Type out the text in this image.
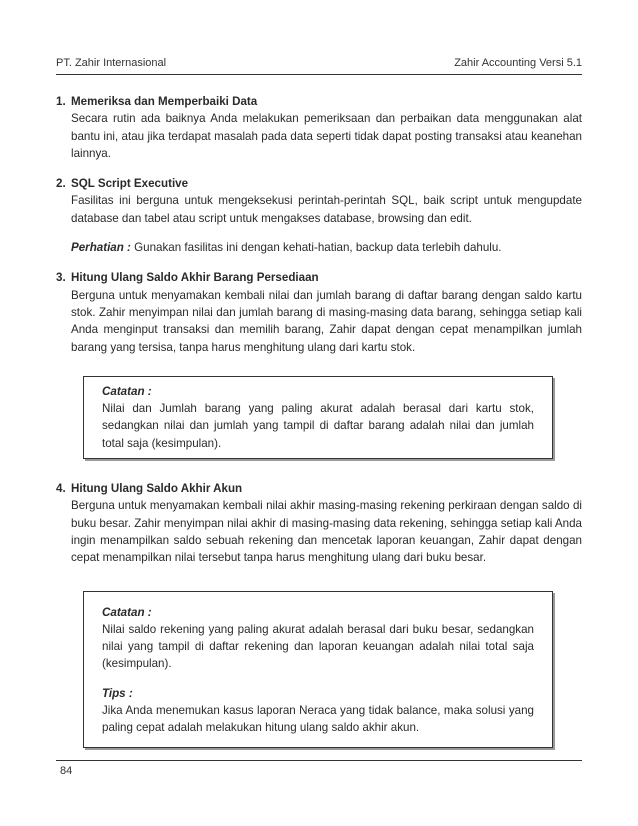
PT. Zahir Internasional	Zahir Accounting Versi 5.1
1. Memeriksa dan Memperbaiki Data
Secara rutin ada baiknya Anda melakukan pemeriksaan dan perbaikan data menggunakan alat bantu ini, atau jika terdapat masalah pada data seperti tidak dapat posting transaksi atau keanehan lainnya.
2. SQL Script Executive
Fasilitas ini berguna untuk mengeksekusi perintah-perintah SQL, baik script untuk mengupdate database dan tabel atau script untuk mengakses database, browsing dan edit.
Perhatian : Gunakan fasilitas ini dengan kehati-hatian, backup data terlebih dahulu.
3. Hitung Ulang Saldo Akhir Barang Persediaan
Berguna untuk menyamakan kembali nilai dan jumlah barang di daftar barang dengan saldo kartu stok. Zahir menyimpan nilai dan jumlah barang di masing-masing data barang, sehingga setiap kali Anda menginput transaksi dan memilih barang, Zahir dapat dengan cepat menampilkan jumlah barang yang tersisa, tanpa harus menghitung ulang dari kartu stok.
Catatan :
Nilai dan Jumlah barang yang paling akurat adalah berasal dari kartu stok, sedangkan nilai dan jumlah yang tampil di daftar barang adalah nilai dan jumlah total saja (kesimpulan).
4. Hitung Ulang Saldo Akhir Akun
Berguna untuk menyamakan kembali nilai akhir masing-masing rekening perkiraan dengan saldo di buku besar. Zahir menyimpan nilai akhir di masing-masing data rekening, sehingga setiap kali Anda ingin menampilkan saldo sebuah rekening dan mencetak laporan keuangan, Zahir dapat dengan cepat menampilkan nilai tersebut tanpa harus menghitung ulang dari buku besar.
Catatan :
Nilai saldo rekening yang paling akurat adalah berasal dari buku besar, sedangkan nilai yang tampil di daftar rekening dan laporan keuangan adalah nilai total saja (kesimpulan).
Tips :
Jika Anda menemukan kasus laporan Neraca yang tidak balance, maka solusi yang paling cepat adalah melakukan hitung ulang saldo akhir akun.
84
